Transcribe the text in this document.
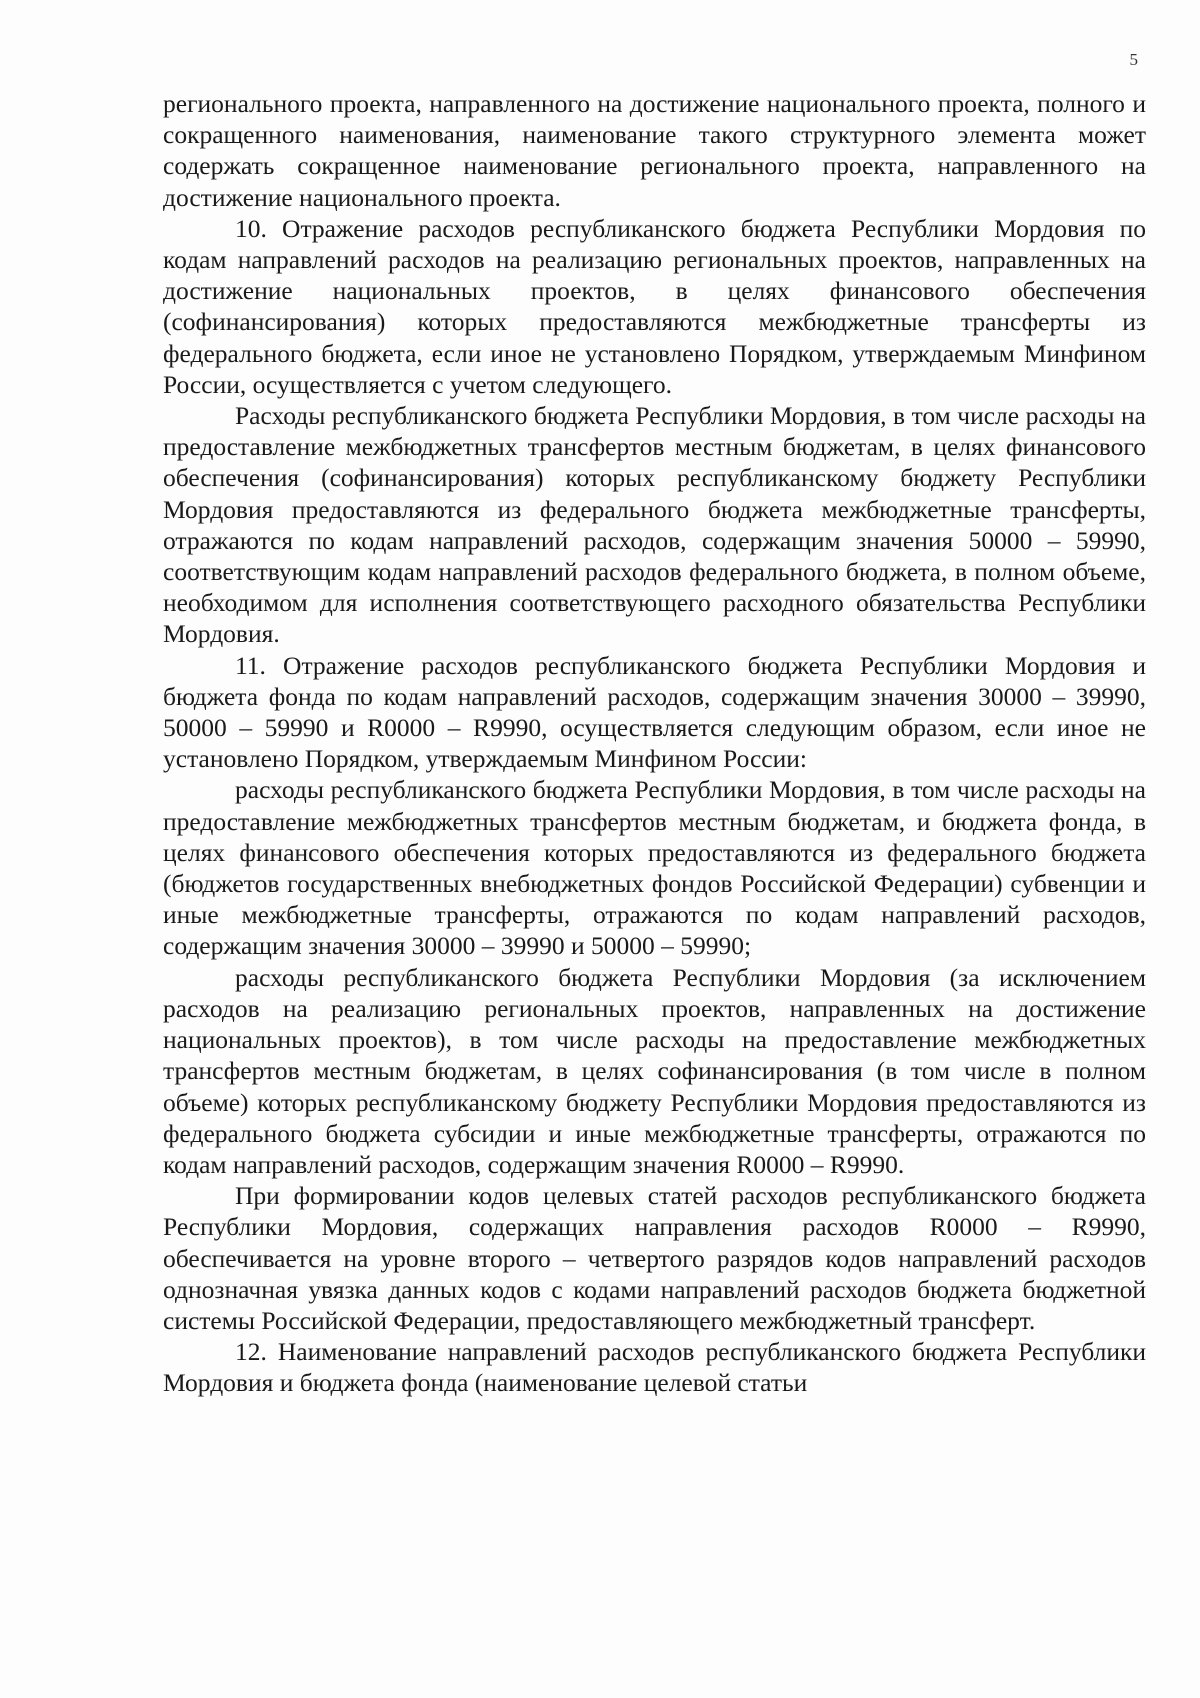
5

регионального проекта, направленного на достижение национального проекта, полного и сокращенного наименования, наименование такого структурного элемента может содержать сокращенное наименование регионального проекта, направленного на достижение национального проекта.

10. Отражение расходов республиканского бюджета Республики Мордовия по кодам направлений расходов на реализацию региональных проектов, направленных на достижение национальных проектов, в целях финансового обеспечения (софинансирования) которых предоставляются межбюджетные трансферты из федерального бюджета, если иное не установлено Порядком, утверждаемым Минфином России, осуществляется с учетом следующего.

Расходы республиканского бюджета Республики Мордовия, в том числе расходы на предоставление межбюджетных трансфертов местным бюджетам, в целях финансового обеспечения (софинансирования) которых республиканскому бюджету Республики Мордовия предоставляются из федерального бюджета межбюджетные трансферты, отражаются по кодам направлений расходов, содержащим значения 50000 – 59990, соответствующим кодам направлений расходов федерального бюджета, в полном объеме, необходимом для исполнения соответствующего расходного обязательства Республики Мордовия.

11. Отражение расходов республиканского бюджета Республики Мордовия и бюджета фонда по кодам направлений расходов, содержащим значения 30000 – 39990, 50000 – 59990 и R0000 – R9990, осуществляется следующим образом, если иное не установлено Порядком, утверждаемым Минфином России:

расходы республиканского бюджета Республики Мордовия, в том числе расходы на предоставление межбюджетных трансфертов местным бюджетам, и бюджета фонда, в целях финансового обеспечения которых предоставляются из федерального бюджета (бюджетов государственных внебюджетных фондов Российской Федерации) субвенции и иные межбюджетные трансферты, отражаются по кодам направлений расходов, содержащим значения 30000 – 39990 и 50000 – 59990;

расходы республиканского бюджета Республики Мордовия (за исключением расходов на реализацию региональных проектов, направленных на достижение национальных проектов), в том числе расходы на предоставление межбюджетных трансфертов местным бюджетам, в целях софинансирования (в том числе в полном объеме) которых республиканскому бюджету Республики Мордовия предоставляются из федерального бюджета субсидии и иные межбюджетные трансферты, отражаются по кодам направлений расходов, содержащим значения R0000 – R9990.

При формировании кодов целевых статей расходов республиканского бюджета Республики Мордовия, содержащих направления расходов R0000 – R9990, обеспечивается на уровне второго – четвертого разрядов кодов направлений расходов однозначная увязка данных кодов с кодами направлений расходов бюджета бюджетной системы Российской Федерации, предоставляющего межбюджетный трансферт.

12. Наименование направлений расходов республиканского бюджета Республики Мордовия и бюджета фонда (наименование целевой статьи
